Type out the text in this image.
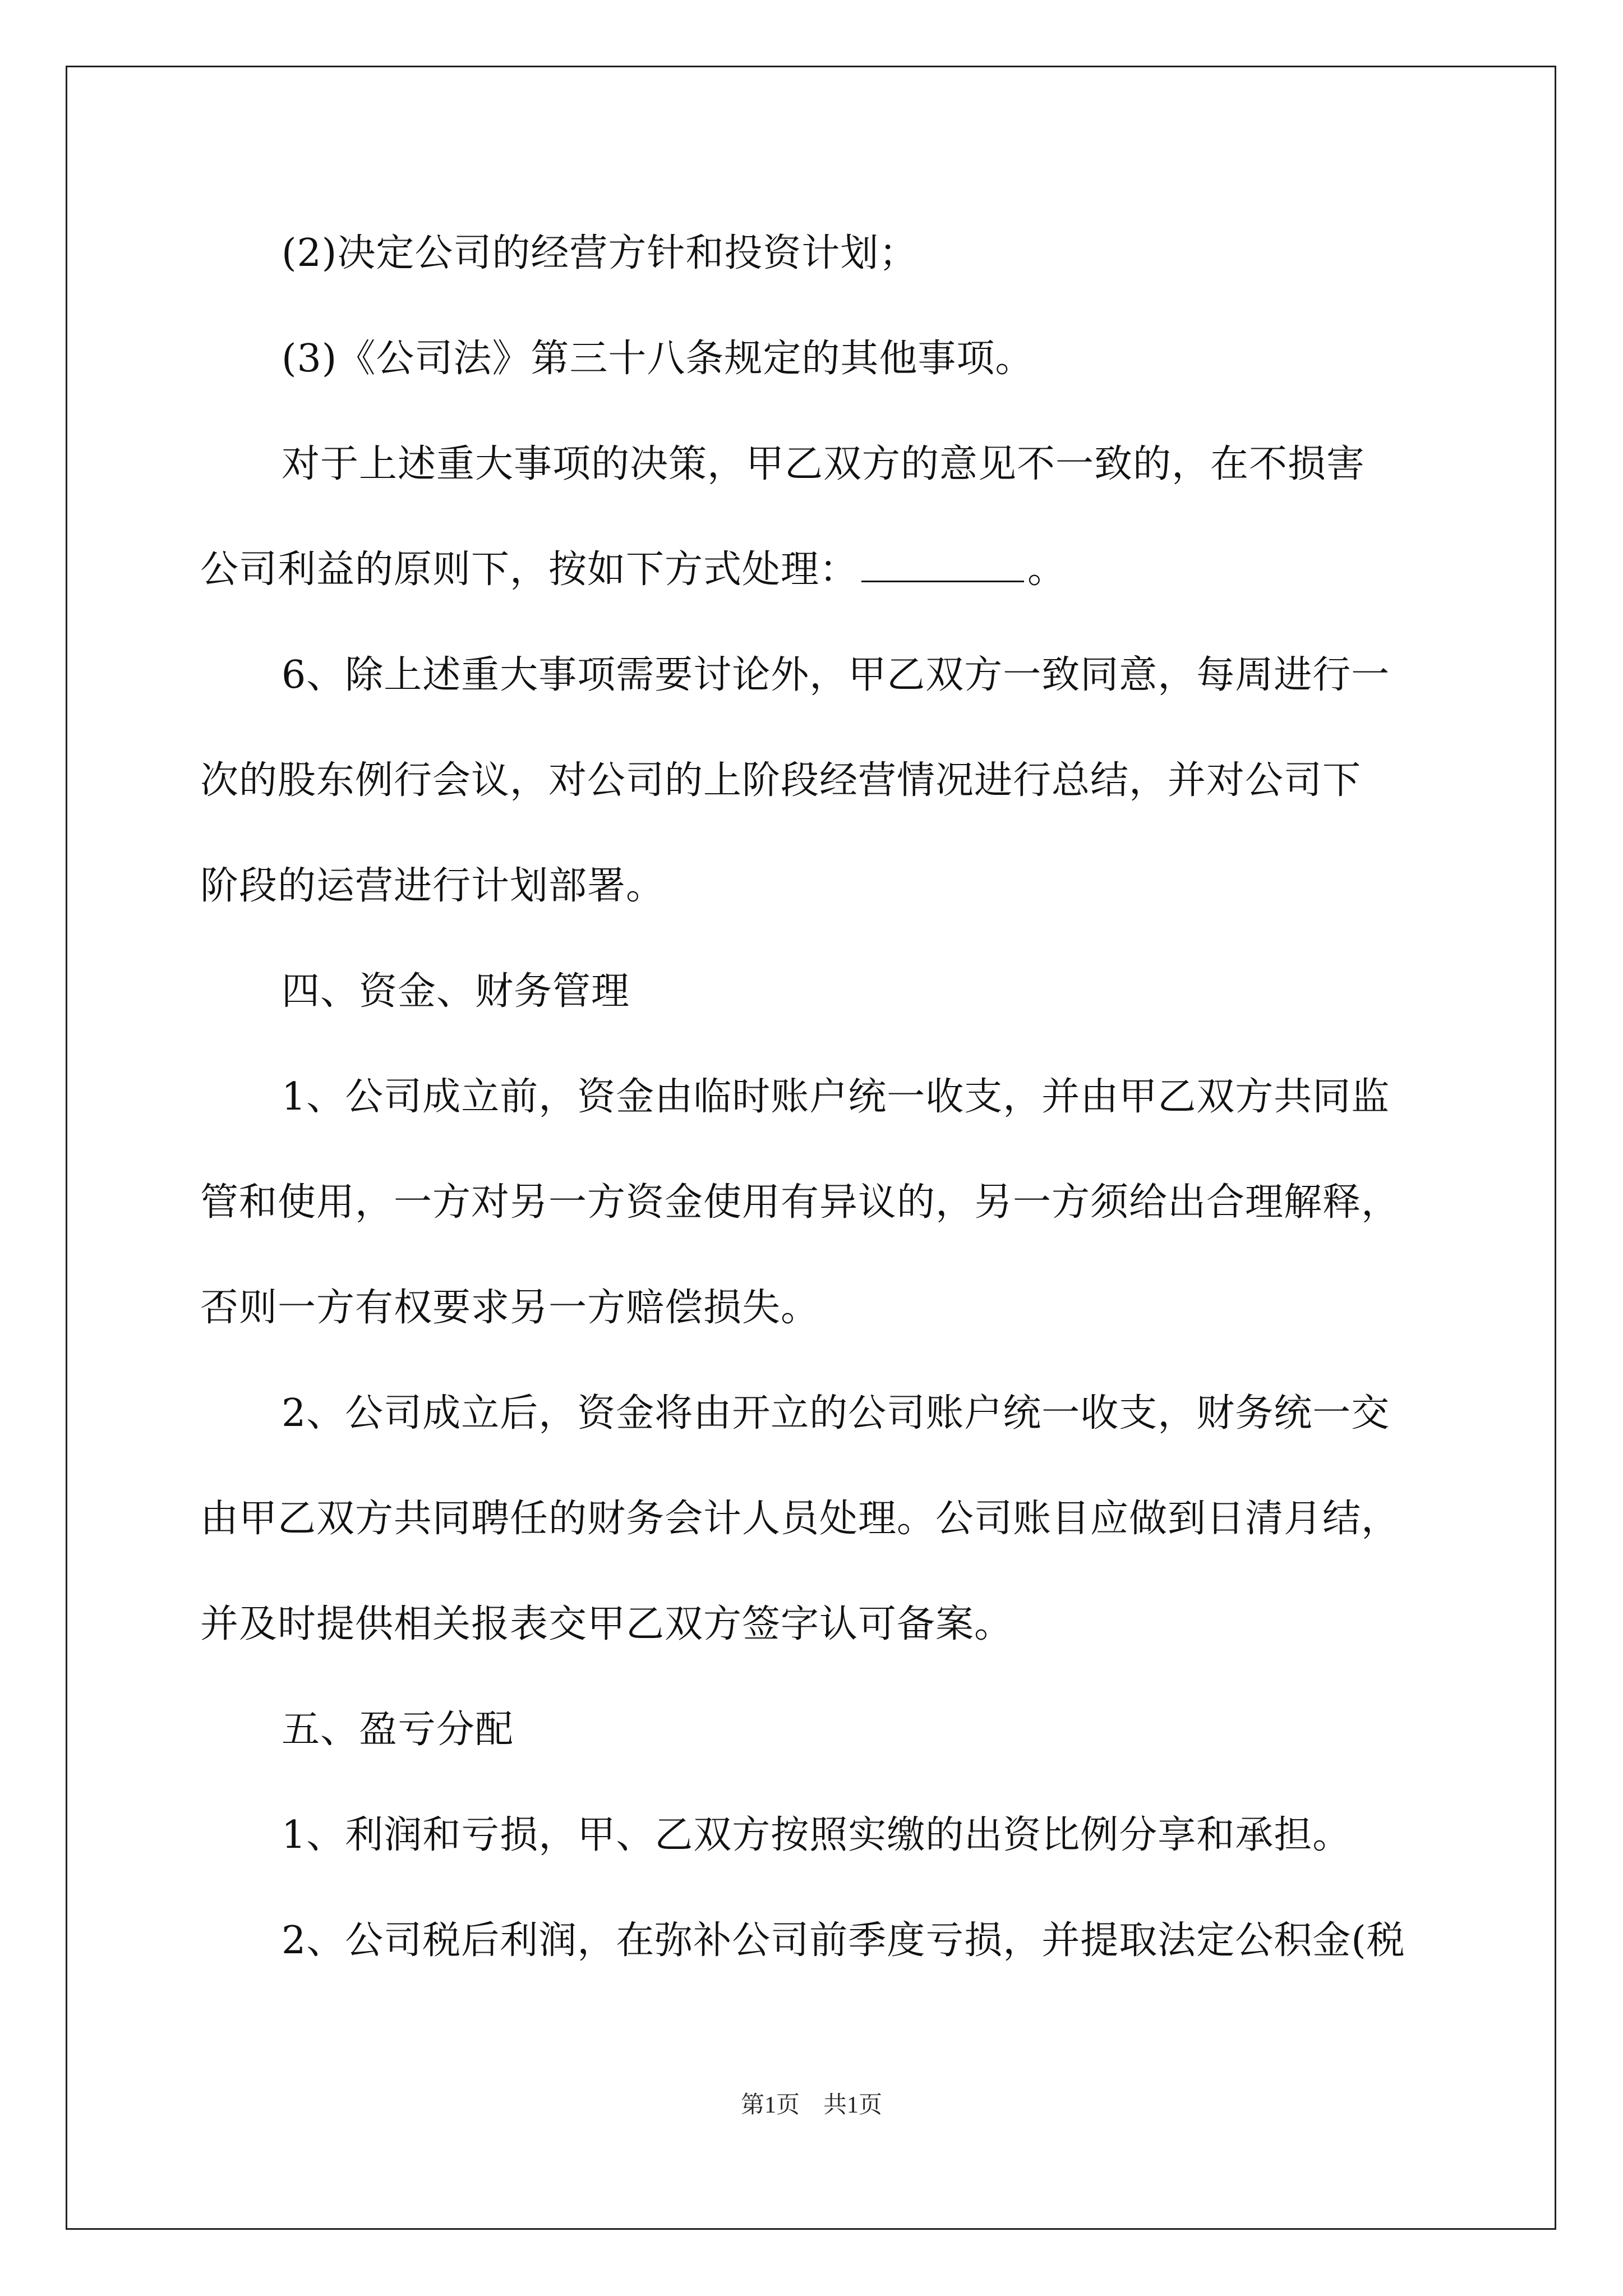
(2)决定公司的经营方针和投资计划；
(3)《公司法》第三十八条规定的其他事项。
对于上述重大事项的决策，甲乙双方的意见不一致的，在不损害
公司利益的原则下，按如下方式处理：	。
6、除上述重大事项需要讨论外，甲乙双方一致同意，每周进行一
次的股东例行会议，对公司的上阶段经营情况进行总结，并对公司下
阶段的运营进行计划部署。
四、资金、财务管理
1、公司成立前，资金由临时账户统一收支，并由甲乙双方共同监
管和使用，一方对另一方资金使用有异议的，另一方须给出合理解释，
否则一方有权要求另一方赔偿损失。
2、公司成立后，资金将由开立的公司账户统一收支，财务统一交
由甲乙双方共同聘任的财务会计人员处理。公司账目应做到日清月结，
并及时提供相关报表交甲乙双方签字认可备案。
五、盈亏分配
1、利润和亏损，甲、乙双方按照实缴的出资比例分享和承担。
2、公司税后利润，在弥补公司前季度亏损，并提取法定公积金(税
第1页　共1页
